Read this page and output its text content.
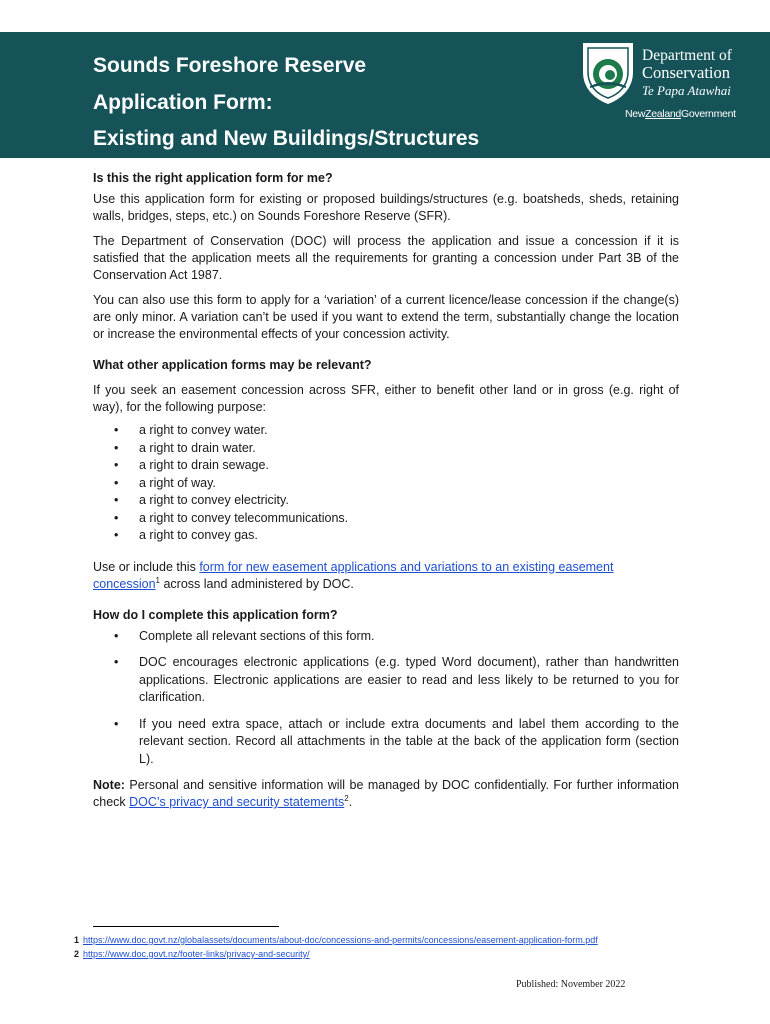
Sounds Foreshore Reserve
Application Form:
Existing and New Buildings/Structures
Department of
Conservation
Te Papa Atawhai
NewZealandGovernment
Is this the right application form for me?
Use this application form for existing or proposed buildings/structures (e.g. boatsheds, sheds, retaining walls, bridges, steps, etc.) on Sounds Foreshore Reserve (SFR).
The Department of Conservation (DOC) will process the application and issue a concession if it is satisfied that the application meets all the requirements for granting a concession under Part 3B of the Conservation Act 1987.
You can also use this form to apply for a ‘variation’ of a current licence/lease concession if the change(s) are only minor. A variation can’t be used if you want to extend the term, substantially change the location or increase the environmental effects of your concession activity.
What other application forms may be relevant?
If you seek an easement concession across SFR, either to benefit other land or in gross (e.g. right of way), for the following purpose:
• a right to convey water.
• a right to drain water.
• a right to drain sewage.
• a right of way.
• a right to convey electricity.
• a right to convey telecommunications.
• a right to convey gas.
Use or include this form for new easement applications and variations to an existing easement concession$^1$ across land administered by DOC.
How do I complete this application form?
• Complete all relevant sections of this form.
• DOC encourages electronic applications (e.g. typed Word document), rather than handwritten applications. Electronic applications are easier to read and less likely to be returned to you for clarification.
• If you need extra space, attach or include extra documents and label them according to the relevant section. Record all attachments in the table at the back of the application form (section L).
Note: Personal and sensitive information will be managed by DOC confidentially. For further information check DOC’s privacy and security statements$^2$.
1 https://www.doc.govt.nz/globalassets/documents/about-doc/concessions-and-permits/concessions/easement-application-form.pdf
2 https://www.doc.govt.nz/footer-links/privacy-and-security/
Published: November 2022
